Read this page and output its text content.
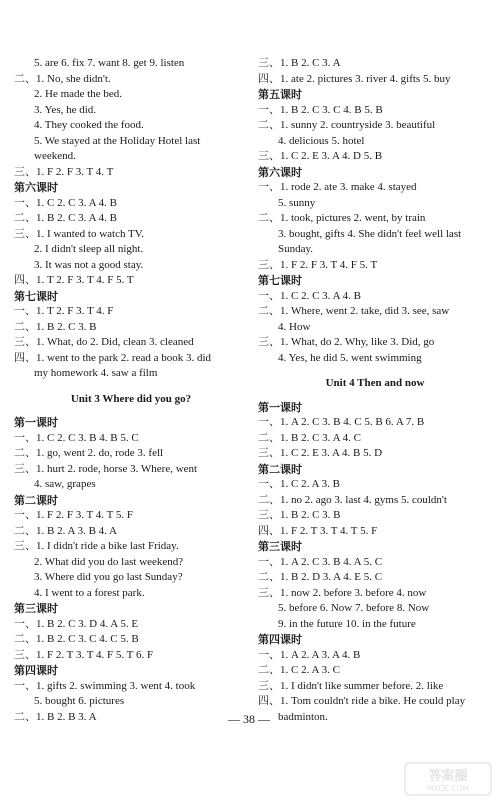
5. are 6. fix 7. want 8. get 9. listen
二、1. No, she didn't.
2. He made the bed.
3. Yes, he did.
4. They cooked the food.
5. We stayed at the Holiday Hotel last
weekend.
三、1. F 2. F 3. T 4. T
第六课时
一、1. C 2. C 3. A 4. B
二、1. B 2. C 3. A 4. B
三、1. I wanted to watch TV.
2. I didn't sleep all night.
3. It was not a good stay.
四、1. T 2. F 3. T 4. F 5. T
第七课时
一、1. T 2. F 3. T 4. F
二、1. B 2. C 3. B
三、1. What, do 2. Did, clean 3. cleaned
四、1. went to the park 2. read a book 3. did
my homework 4. saw a film
Unit 3 Where did you go?
第一课时
一、1. C 2. C 3. B 4. B 5. C
二、1. go, went 2. do, rode 3. fell
三、1. hurt 2. rode, horse 3. Where, went
4. saw, grapes
第二课时
一、1. F 2. F 3. T 4. T 5. F
二、1. B 2. A 3. B 4. A
三、1. I didn't ride a bike last Friday.
2. What did you do last weekend?
3. Where did you go last Sunday?
4. I went to a forest park.
第三课时
一、1. B 2. C 3. D 4. A 5. E
二、1. B 2. C 3. C 4. C 5. B
三、1. F 2. T 3. T 4. F 5. T 6. F
第四课时
一、1. gifts 2. swimming 3. went 4. took
5. bought 6. pictures
二、1. B 2. B 3. A
三、1. B 2. C 3. A
四、1. ate 2. pictures 3. river 4. gifts 5. buy
第五课时
一、1. B 2. C 3. C 4. B 5. B
二、1. sunny 2. countryside 3. beautiful
4. delicious 5. hotel
三、1. C 2. E 3. A 4. D 5. B
第六课时
一、1. rode 2. ate 3. make 4. stayed
5. sunny
二、1. took, pictures 2. went, by train
3. bought, gifts 4. She didn't feel well last
Sunday.
三、1. F 2. F 3. T 4. F 5. T
第七课时
一、1. C 2. C 3. A 4. B
二、1. Where, went 2. take, did 3. see, saw
4. How
三、1. What, do 2. Why, like 3. Did, go
4. Yes, he did 5. went swimming
Unit 4 Then and now
第一课时
一、1. A 2. C 3. B 4. C 5. B 6. A 7. B
二、1. B 2. C 3. A 4. C
三、1. C 2. E 3. A 4. B 5. D
第二课时
一、1. C 2. A 3. B
二、1. no 2. ago 3. last 4. gyms 5. couldn't
三、1. B 2. C 3. B
四、1. F 2. T 3. T 4. T 5. F
第三课时
一、1. A 2. C 3. B 4. A 5. C
二、1. B 2. D 3. A 4. E 5. C
三、1. now 2. before 3. before 4. now
5. before 6. Now 7. before 8. Now
9. in the future 10. in the future
第四课时
一、1. A 2. A 3. A 4. B
二、1. C 2. A 3. C
三、1. I didn't like summer before. 2. like
四、1. Tom couldn't ride a bike. He could play
badminton.
— 38 —
答案圈
MXQE.COM
